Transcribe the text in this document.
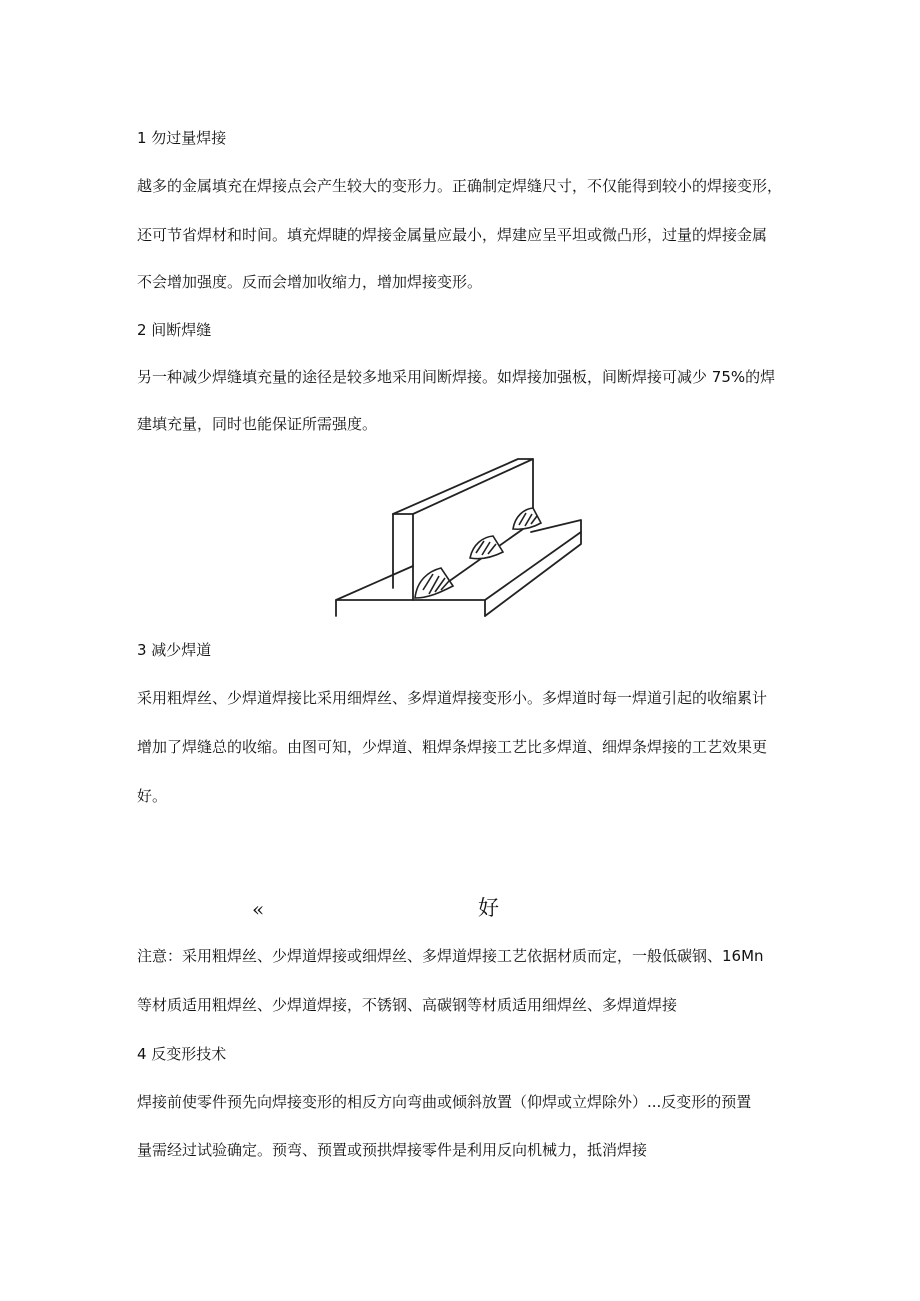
1 勿过量焊接
越多的金属填充在焊接点会产生较大的变形力。正确制定焊缝尺寸，不仅能得到较小的焊接变形，
还可节省焊材和时间。填充焊睫的焊接金属量应最小，焊建应呈平坦或微凸形，过量的焊接金属
不会增加强度。反而会增加收缩力，增加焊接变形。
2 间断焊缝
另一种减少焊缝填充量的途径是较多地采用间断焊接。如焊接加强板，间断焊接可减少 75%的焊
建填充量，同时也能保证所需强度。
3 减少焊道
采用粗焊丝、少焊道焊接比采用细焊丝、多焊道焊接变形小。多焊道时每一焊道引起的收缩累计
增加了焊缝总的收缩。由图可知，少焊道、粗焊条焊接工艺比多焊道、细焊条焊接的工艺效果更
好。
«	好
注意：采用粗焊丝、少焊道焊接或细焊丝、多焊道焊接工艺依据材质而定，一般低碳钢、16Mn
等材质适用粗焊丝、少焊道焊接，不锈钢、高碳钢等材质适用细焊丝、多焊道焊接
4 反变形技术
焊接前使零件预先向焊接变形的相反方向弯曲或倾斜放置（仰焊或立焊除外）...反变形的预置
量需经过试验确定。预弯、预置或预拱焊接零件是利用反向机械力，抵消焊接
